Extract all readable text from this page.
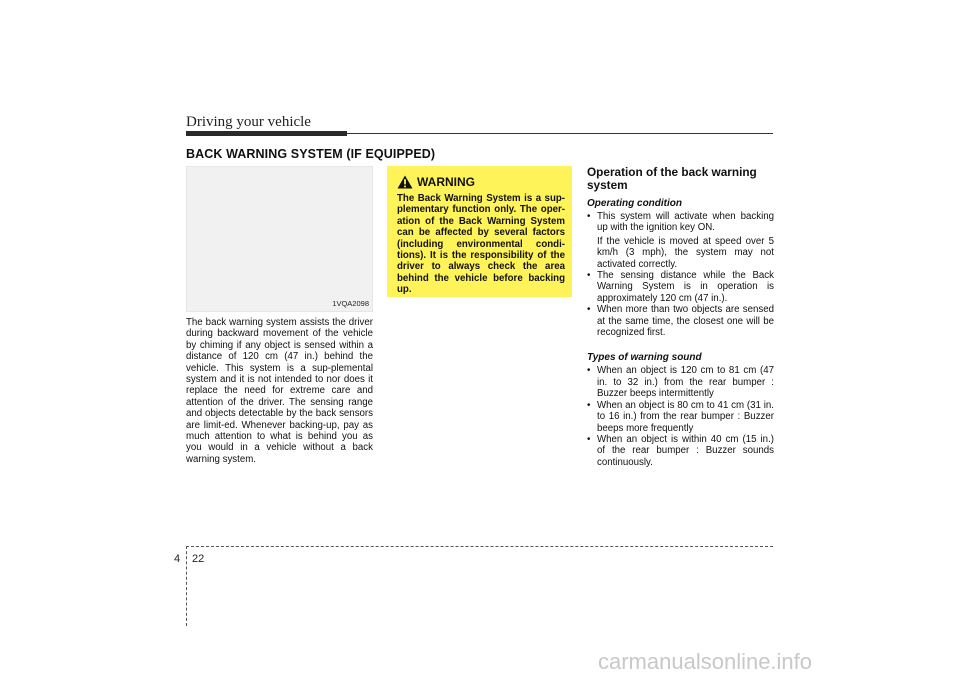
Driving your vehicle
BACK WARNING SYSTEM (IF EQUIPPED)
1VQA2098

The back warning system assists the driver during backward movement of the vehicle by chiming if any object is sensed within a distance of 120 cm (47 in.) behind the vehicle. This system is a sup-plemental system and it is not intended to nor does it replace the need for extreme care and attention of the driver. The sensing range and objects detectable by the back sensors are limit-ed. Whenever backing-up, pay as much attention to what is behind you as you would in a vehicle without a back warning system.

WARNING

The Back Warning System is a sup-plementary function only. The oper-ation of the Back Warning System can be affected by several factors (including environmental condi-tions). It is the responsibility of the driver to always check the area behind the vehicle before backing up.

Operation of the back warning system
Operating condition
• This system will activate when backing up with the ignition key ON.
If the vehicle is moved at speed over 5 km/h (3 mph), the system may not activated correctly.
• The sensing distance while the Back Warning System is in operation is approximately 120 cm (47 in.).
• When more than two objects are sensed at the same time, the closest one will be recognized first.
Types of warning sound
• When an object is 120 cm to 81 cm (47 in. to 32 in.) from the rear bumper : Buzzer beeps intermittently
• When an object is 80 cm to 41 cm (31 in. to 16 in.) from the rear bumper : Buzzer beeps more frequently
• When an object is within 40 cm (15 in.) of the rear bumper : Buzzer sounds continuously.
4 22
carmanualsonline.info
